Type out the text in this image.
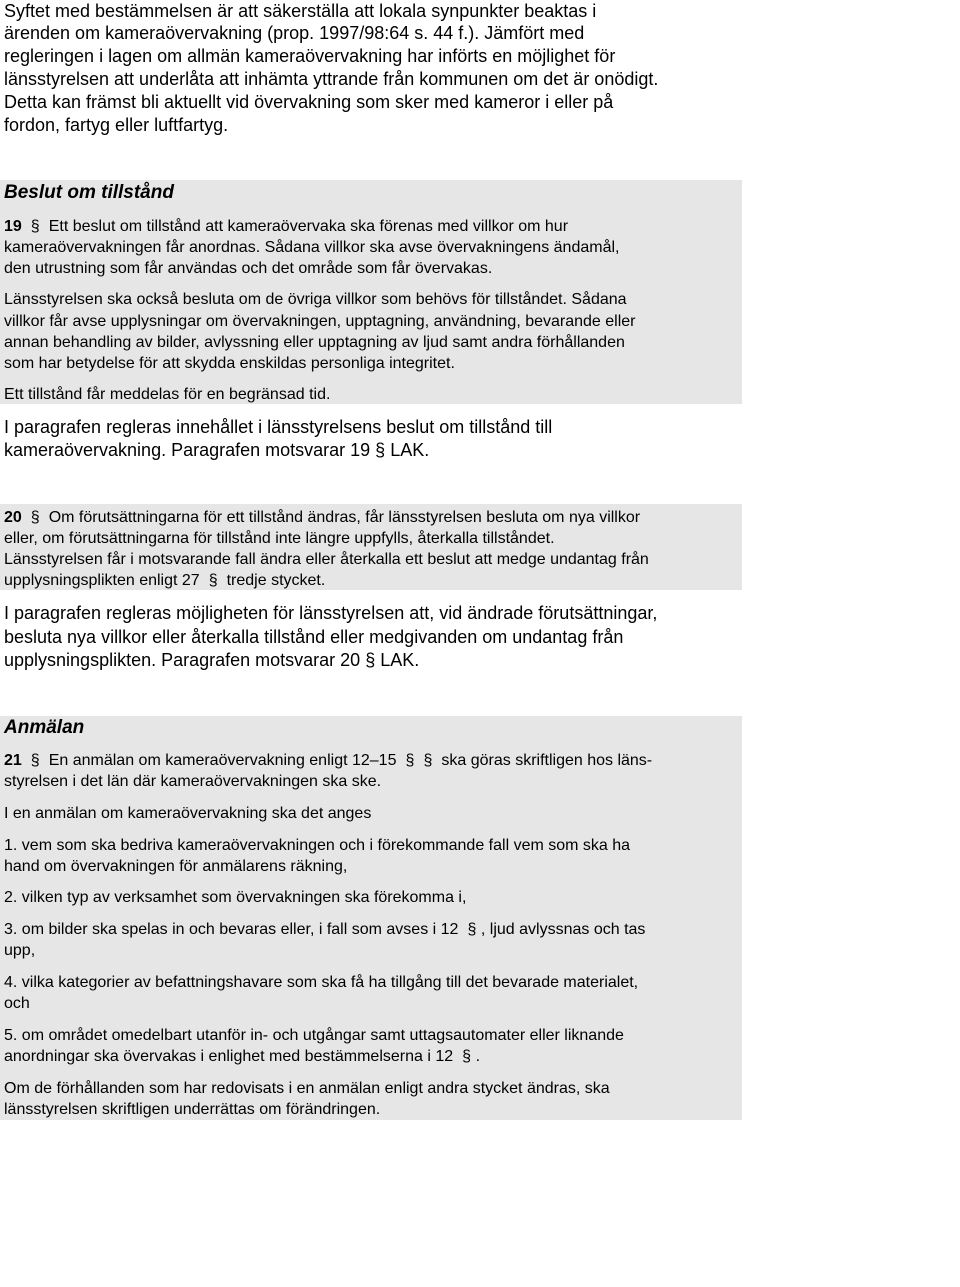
Syftet med bestämmelsen är att säkerställa att lokala synpunkter beaktas i

ärenden om kameraövervakning (prop. 1997/98:64 s. 44 f.). Jämfört med

regleringen i lagen om allmän kameraövervakning har införts en möjlighet för

länsstyrelsen att underlåta att inhämta yttrande från kommunen om det är onödigt.

Detta kan främst bli aktuellt vid övervakning som sker med kameror i eller på

fordon, fartyg eller luftfartyg.

Beslut om tillstånd

19 § Ett beslut om tillstånd att kameraövervaka ska förenas med villkor om hur

kameraövervakningen får anordnas. Sådana villkor ska avse övervakningens ändamål,

den utrustning som får användas och det område som får övervakas.

Länsstyrelsen ska också besluta om de övriga villkor som behövs för tillståndet. Sådana

villkor får avse upplysningar om övervakningen, upptagning, användning, bevarande eller

annan behandling av bilder, avlyssning eller upptagning av ljud samt andra förhållanden

som har betydelse för att skydda enskildas personliga integritet.

Ett tillstånd får meddelas för en begränsad tid.

I paragrafen regleras innehållet i länsstyrelsens beslut om tillstånd till

kameraövervakning. Paragrafen motsvarar 19 § LAK.

20 § Om förutsättningarna för ett tillstånd ändras, får länsstyrelsen besluta om nya villkor

eller, om förutsättningarna för tillstånd inte längre uppfylls, återkalla tillståndet.

Länsstyrelsen får i motsvarande fall ändra eller återkalla ett beslut att medge undantag från

upplysningsplikten enligt 27 § tredje stycket.

I paragrafen regleras möjligheten för länsstyrelsen att, vid ändrade förutsättningar,

besluta nya villkor eller återkalla tillstånd eller medgivanden om undantag från

upplysningsplikten. Paragrafen motsvarar 20 § LAK.

Anmälan

21 § En anmälan om kameraövervakning enligt 12–15 § § ska göras skriftligen hos läns-

styrelsen i det län där kameraövervakningen ska ske.

I en anmälan om kameraövervakning ska det anges

1. vem som ska bedriva kameraövervakningen och i förekommande fall vem som ska ha

hand om övervakningen för anmälarens räkning,

2. vilken typ av verksamhet som övervakningen ska förekomma i,

3. om bilder ska spelas in och bevaras eller, i fall som avses i 12 § , ljud avlyssnas och tas

upp,

4. vilka kategorier av befattningshavare som ska få ha tillgång till det bevarade materialet,

och

5. om området omedelbart utanför in- och utgångar samt uttagsautomater eller liknande

anordningar ska övervakas i enlighet med bestämmelserna i 12 § .

Om de förhållanden som har redovisats i en anmälan enligt andra stycket ändras, ska

länsstyrelsen skriftligen underrättas om förändringen.
